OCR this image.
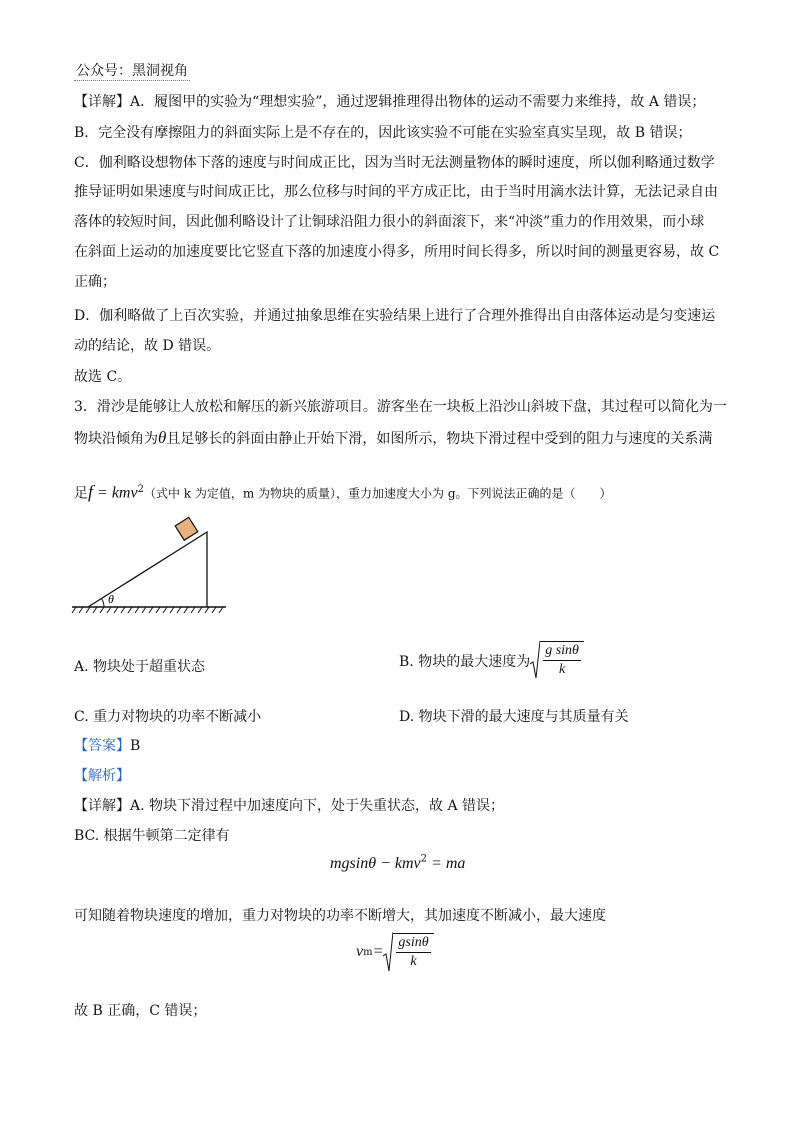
公众号：黑洞视角
【详解】A．履图甲的实验为“理想实验”，通过逻辑推理得出物体的运动不需要力来维持，故 A 错误；
B．完全没有摩擦阻力的斜面实际上是不存在的，因此该实验不可能在实验室真实呈现，故 B 错误；
C．伽利略设想物体下落的速度与时间成正比，因为当时无法测量物体的瞬时速度，所以伽利略通过数学
推导证明如果速度与时间成正比，那么位移与时间的平方成正比，由于当时用滴水法计算，无法记录自由
落体的较短时间，因此伽利略设计了让铜球沿阻力很小的斜面滚下，来“冲淡”重力的作用效果，而小球
在斜面上运动的加速度要比它竖直下落的加速度小得多，所用时间长得多，所以时间的测量更容易，故 C
正确；
D．伽利略做了上百次实验，并通过抽象思维在实验结果上进行了合理外推得出自由落体运动是匀变速运
动的结论，故 D 错误。
故选 C。
3．滑沙是能够让人放松和解压的新兴旅游项目。游客坐在一块板上沿沙山斜坡下盘，其过程可以简化为一
物块沿倾角为θ且足够长的斜面由静止开始下滑，如图所示，物块下滑过程中受到的阻力与速度的关系满
足f = kmv$^2$（式中 k 为定值，m 为物块的质量），重力加速度大小为 g。下列说法正确的是（　　）
θ
A. 物块处于超重状态	B. 物块的最大速度为 $\frac{\text{g sinθ}}{k}$
C. 重力对物块的功率不断减小	D. 物块下滑的最大速度与其质量有关
【答案】B
【解析】
【详解】A. 物块下滑过程中加速度向下，处于失重状态，故 A 错误；
BC. 根据牛顿第二定律有
mgsinθ − kmv$^2$ = ma
可知随着物块速度的增加，重力对物块的功率不断增大，其加速度不断减小，最大速度
v $m = \frac{gsin\theta}{k}$
故 B 正确，C 错误；
